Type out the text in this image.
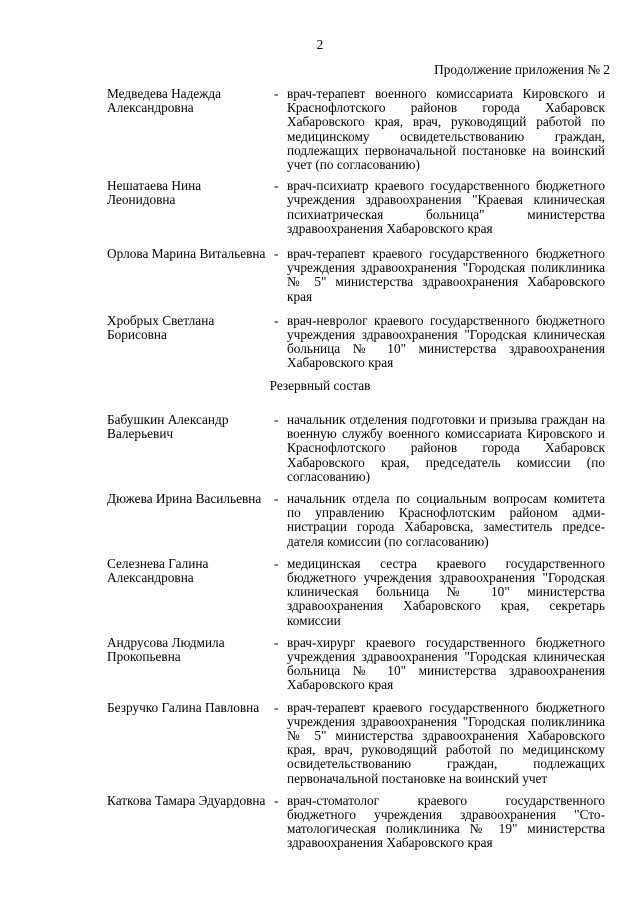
2
Продолжение приложения № 2
Медведева Надежда Александровна
- врач-терапевт военного комиссариата Кировского и Краснофлотского районов города Хабаровск Хабаровского края, врач, руководящий работой по медицинскому освидетельствованию граждан, подлежащих первоначальной постановке на воинский учет (по согласованию)
Нешатаева Нина Леонидовна
- врач-психиатр краевого государственного бюджетного учреждения здравоохранения "Краевая клиническая психиатрическая больница" министерства здравоохранения Хабаровского края
Орлова Марина Витальевна - врач-терапевт краевого государственного бюджетного учреждения здравоохранения "Городская поликлиника № 5" министерства здравоохранения Хабаровского края
Хробрых Светлана Борисовна
- врач-невролог краевого государственного бюджетного учреждения здравоохранения "Городская клиническая больница № 10" министерства здравоохранения Хабаровского края
Резервный состав
Бабушкин Александр Валерьевич
- начальник отделения подготовки и призыва граждан на военную службу военного комиссариата Кировского и Краснофлотского районов города Хабаровск Хабаровского края, председатель комиссии (по согласованию)
Дюжева Ирина Васильевна - начальник отдела по социальным вопросам комитета по управлению Краснофлотским районом администрации города Хабаровска, заместитель председателя комиссии (по согласованию)
Селезнева Галина Александровна
- медицинская сестра краевого государственного бюджетного учреждения здравоохранения "Городская клиническая больница № 10" министерства здравоохранения Хабаровского края, секретарь комиссии
Андрусова Людмила Прокопьевна
- врач-хирург краевого государственного бюджетного учреждения здравоохранения "Городская клиническая больница № 10" министерства здравоохранения Хабаровского края
Безручко Галина Павловна	- врач-терапевт краевого государственного бюджетного учреждения здравоохранения "Городская поликлиника № 5" министерства здравоохранения Хабаровского края, врач, руководящий работой по медицинскому освидетельствованию граждан, подлежащих первоначальной постановке на воинский учет
Каткова Тамара Эдуардовна - врач-стоматолог краевого государственного бюджетного учреждения здравоохранения "Стоматологическая поликлиника № 19" министерства здравоохранения Хабаровского края
